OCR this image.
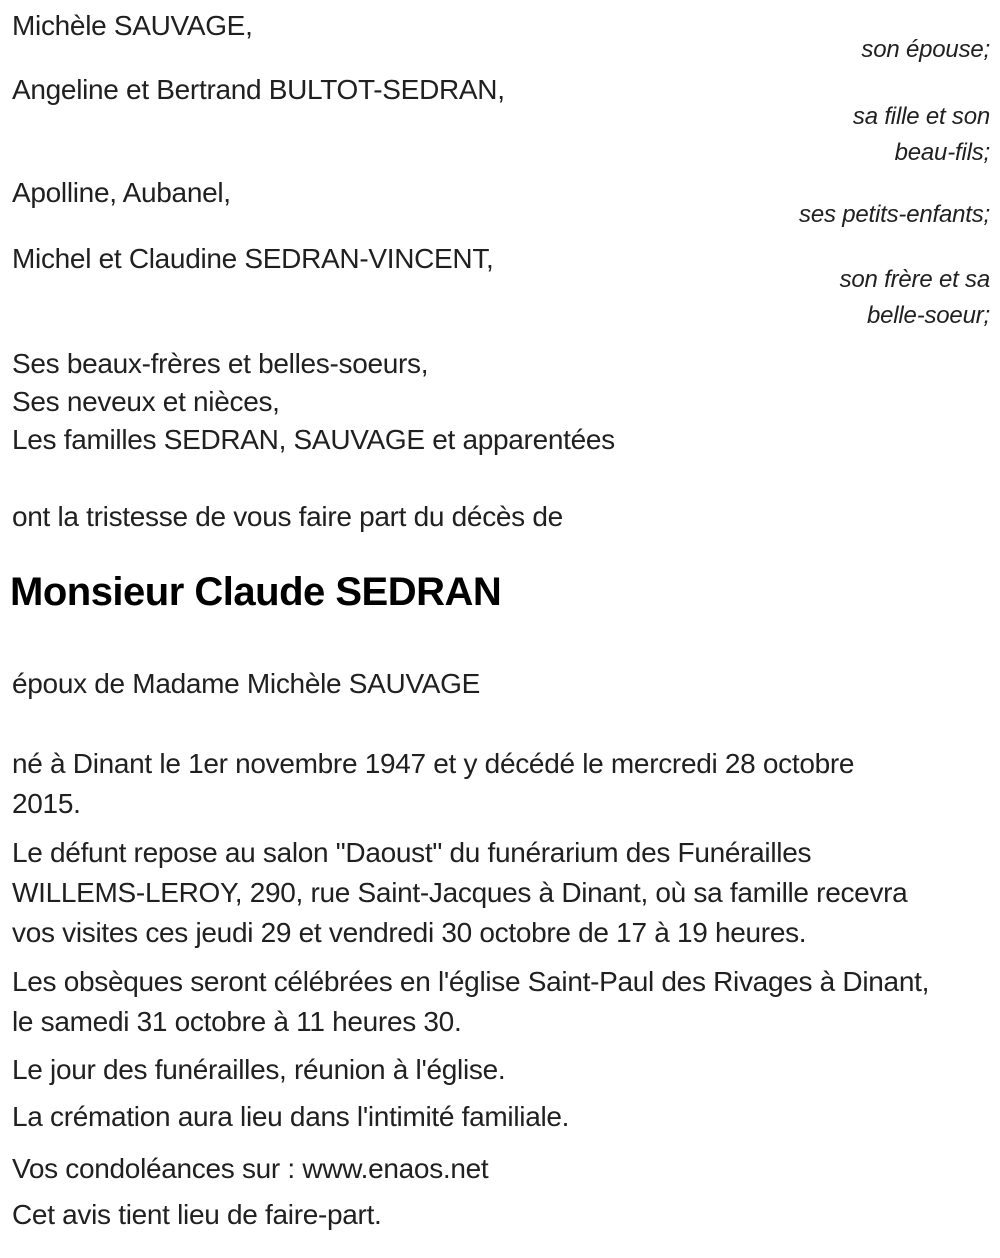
Michèle SAUVAGE,
son épouse;
Angeline et Bertrand BULTOT-SEDRAN,
sa fille et son
beau-fils;
Apolline, Aubanel,
ses petits-enfants;
Michel et Claudine SEDRAN-VINCENT,
son frère et sa
belle-soeur;
Ses beaux-frères et belles-soeurs,
Ses neveux et nièces,
Les familles SEDRAN, SAUVAGE et apparentées
ont la tristesse de vous faire part du décès de
Monsieur Claude SEDRAN
époux de Madame Michèle SAUVAGE
né à Dinant le 1er novembre 1947 et y décédé le mercredi 28 octobre
2015.
Le défunt repose au salon "Daoust" du funérarium des Funérailles
WILLEMS-LEROY, 290, rue Saint-Jacques à Dinant, où sa famille recevra
vos visites ces jeudi 29 et vendredi 30 octobre de 17 à 19 heures.
Les obsèques seront célébrées en l'église Saint-Paul des Rivages à Dinant,
le samedi 31 octobre à 11 heures 30.
Le jour des funérailles, réunion à l'église.
La crémation aura lieu dans l'intimité familiale.
Vos condoléances sur : www.enaos.net
Cet avis tient lieu de faire-part.
